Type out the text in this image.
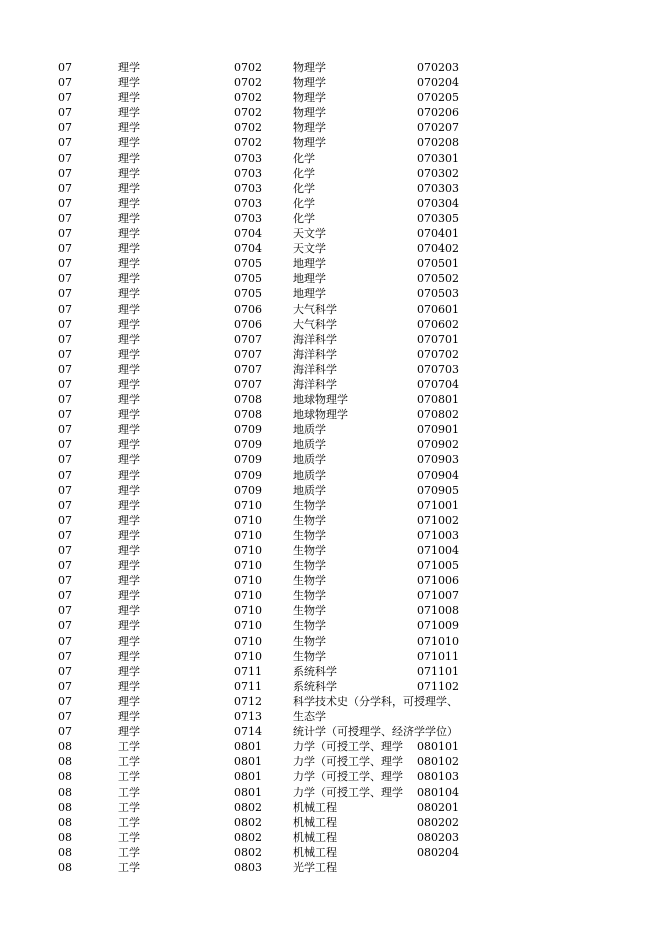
07	理学	0702	物理学	070203
07	理学	0702	物理学	070204
07	理学	0702	物理学	070205
07	理学	0702	物理学	070206
07	理学	0702	物理学	070207
07	理学	0702	物理学	070208
07	理学	0703	化学	070301
07	理学	0703	化学	070302
07	理学	0703	化学	070303
07	理学	0703	化学	070304
07	理学	0703	化学	070305
07	理学	0704	天文学	070401
07	理学	0704	天文学	070402
07	理学	0705	地理学	070501
07	理学	0705	地理学	070502
07	理学	0705	地理学	070503
07	理学	0706	大气科学	070601
07	理学	0706	大气科学	070602
07	理学	0707	海洋科学	070701
07	理学	0707	海洋科学	070702
07	理学	0707	海洋科学	070703
07	理学	0707	海洋科学	070704
07	理学	0708	地球物理学	070801
07	理学	0708	地球物理学	070802
07	理学	0709	地质学	070901
07	理学	0709	地质学	070902
07	理学	0709	地质学	070903
07	理学	0709	地质学	070904
07	理学	0709	地质学	070905
07	理学	0710	生物学	071001
07	理学	0710	生物学	071002
07	理学	0710	生物学	071003
07	理学	0710	生物学	071004
07	理学	0710	生物学	071005
07	理学	0710	生物学	071006
07	理学	0710	生物学	071007
07	理学	0710	生物学	071008
07	理学	0710	生物学	071009
07	理学	0710	生物学	071010
07	理学	0710	生物学	071011
07	理学	0711	系统科学	071101
07	理学	0711	系统科学	071102
07	理学	0712	科学技术史（分学科，可授理学、
07	理学	0713	生态学
07	理学	0714	统计学（可授理学、经济学学位）
08	工学	0801	力学（可授工学、理学 080101
08	工学	0801	力学（可授工学、理学 080102
08	工学	0801	力学（可授工学、理学 080103
08	工学	0801	力学（可授工学、理学 080104
08	工学	0802	机械工程	080201
08	工学	0802	机械工程	080202
08	工学	0802	机械工程	080203
08	工学	0802	机械工程	080204
08	工学	0803	光学工程
